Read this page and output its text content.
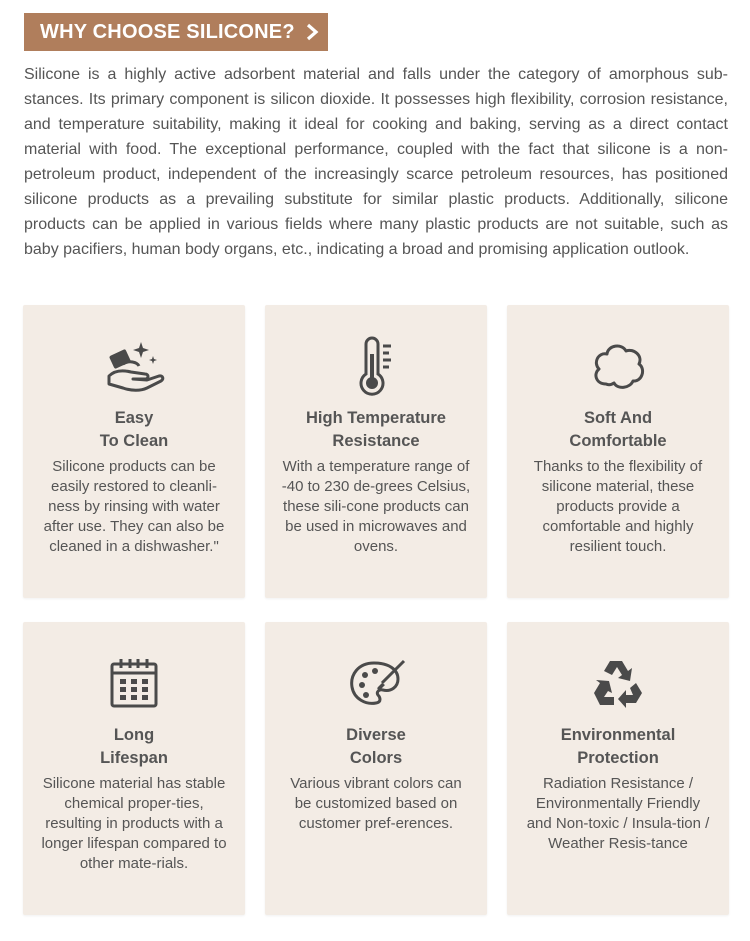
WHY CHOOSE SILICONE?

Silicone is a highly active adsorbent material and falls under the category of amorphous substances. Its primary component is silicon dioxide. It possesses high flexibility, corrosion resistance, and temperature suitability, making it ideal for cooking and baking, serving as a direct contact material with food. The exceptional performance, coupled with the fact that silicone is a non-petroleum product, independent of the increasingly scarce petroleum resources, has positioned silicone products as a prevailing substitute for similar plastic products. Additionally, silicone products can be applied in various fields where many plastic products are not suitable, such as baby pacifiers, human body organs, etc., indicating a broad and promising application outlook.

Easy
To Clean
Silicone products can be easily restored to cleanli-ness by rinsing with water after use. They can also be cleaned in a dishwasher."
High Temperature
Resistance
With a temperature range of -40 to 230 de-grees Celsius, these sili-cone products can be used in microwaves and ovens.
Soft And
Comfortable
Thanks to the flexibility of silicone material, these products provide a comfortable and highly resilient touch.
Long
Lifespan
Silicone material has stable chemical proper-ties, resulting in products with a longer lifespan compared to other mate-rials.
Diverse
Colors
Various vibrant colors can be customized based on customer pref-erences.
Environmental
Protection
Radiation Resistance / Environmentally Friendly and Non-toxic / Insula-tion / Weather Resis-tance
